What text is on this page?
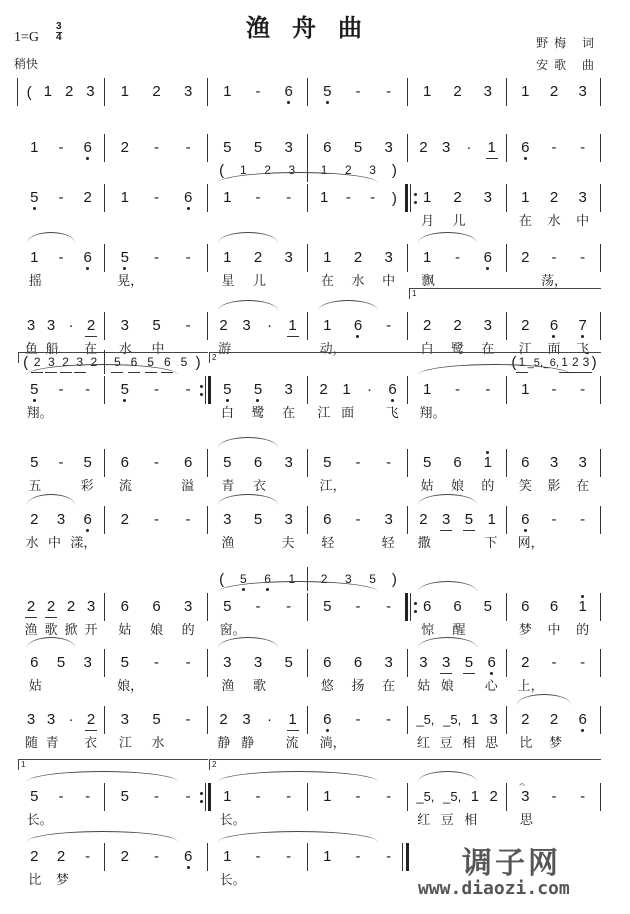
渔舟曲
1=G
3
4
稍快
野梅 词
安歌 曲
( 1 2 3 1 2 3 1 - 6 5 - - 1 2 3 1 2 3
1 - 6 2 - - 5 5 3 6 5 3 2 3 · 1 6 - -
5 - 2 1 - 6 1 - - 1 - - ) 1 2 3
月 儿
1 2 3
在 水 中
( 1 2 3 1 2 3 )
1 - 6
摇
5 - -
晃，
1 2 3
星 儿
1 2 3
在 水 中
1 - 6
飘
2 - -
荡，
3 3 · 2
鱼 船 在
3 5 -
水 中
2 3 · 1
游
1 6 -
动，
2 2 3
白 鹭 在
2 6 7
江 面 飞
1
5 - -
翔。
5 - - 5 5 3
白 鹭 在
2 1 · 6
江 面 飞
1 - -
翔。
1 - -
( 2 3 2 3 2 5 6 5 6 5 )	( 1 _5, _6, 1 2 3 )
2
5 - 5
五	彩
6 - 6
流	溢
5 6 3
青 衣
5 - -
江，
5 6 1
姑 娘 的
6 3 3
笑 影 在
2 3 6
水 中 漾，
2 - - 3 5 3
渔	夫
6 - 3
轻	轻
2 3 5 1
撒	下
6 - -
网，
2 2 2 3
渔 歌 掀 开
6 6 3
姑 娘 的
5 - -
窗。
5 - - 6 6 5
惊 醒
6 6 1
梦 中 的
( 5 6 1 2 3 5 )
6 5 3
姑
5 - -
娘，
3 3 5
渔 歌
6 6 3
悠 扬 在
3 3 5 6
姑 娘 心
2 - -
上，
3 3 · 2
随 青 衣
3 5 -
江 水
2 3 · 1
静 静 流
6 - -
淌，
_5, _5, 1 3
红 豆 相 思
2 2 6
比 梦
5 - -
长。
5 - - 1 - -
长。
1 - - _5, _5, 1 2
红 豆 相
3
𝄐
- -
思
1	2
2 2 -
比 梦
2 - 6 1 - -
长。
1 - - 调子网
www.diaozi.com
